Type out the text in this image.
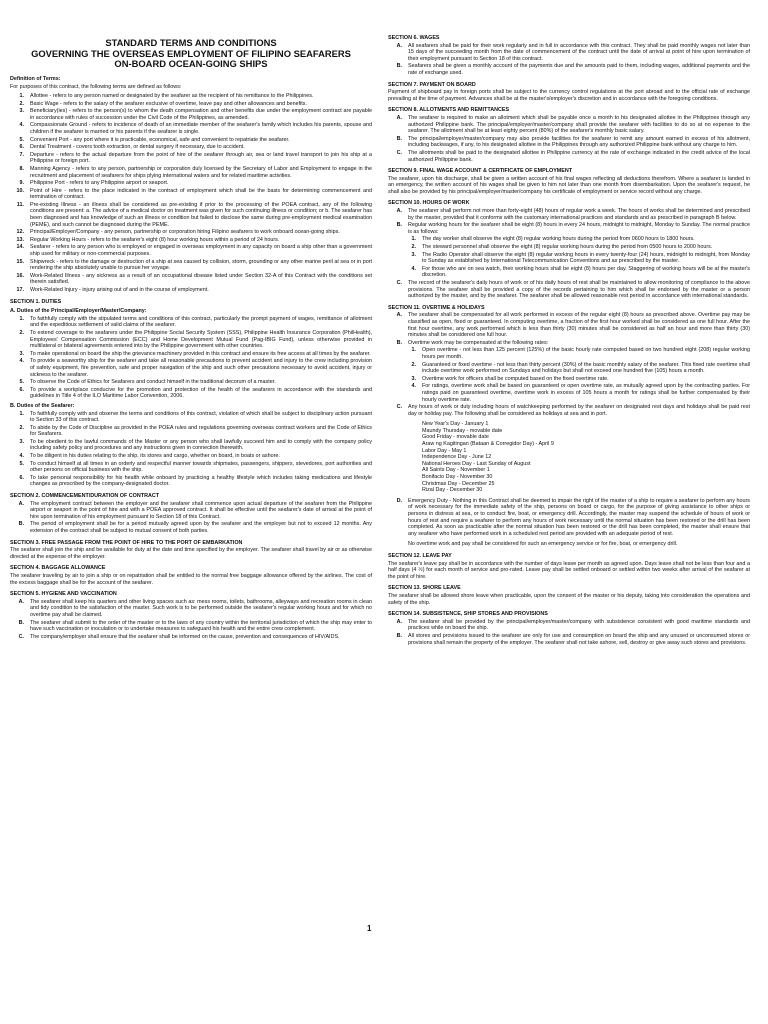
STANDARD TERMS AND CONDITIONS
GOVERNING THE OVERSEAS EMPLOYMENT OF FILIPINO SEAFARERS
ON-BOARD OCEAN-GOING SHIPS
Definition of Terms:
For purposes of this contract, the following terms are defined as follows:
1.	Allottee - refers to any person named or designated by the seafarer as the recipient of his remittance to the Philippines.
2.	Basic Wage - refers to the salary of the seafarer exclusive of overtime, leave pay and other allowances and benefits.
3.	Beneficiary(ies) - refers to the person(s) to whom the death compensation and other benefits due under the employment contract are payable in accordance with rules of succession under the Civil Code of the Philippines, as amended.
4.	Compassionate Ground - refers to incidence of death of an immediate member of the seafarer's family which includes his parents, spouse and children if the seafarer is married or his parents if the seafarer is single.
5.	Convenient Port - any port where it is practicable, economical, safe and convenient to repatriate the seafarer.
6.	Dental Treatment - covers tooth extraction, or dental surgery if necessary, due to accident.
7.	Departure - refers to the actual departure from the point of hire of the seafarer through air, sea or land travel transport to join his ship at a Philippine or foreign port.
8.	Manning Agency - refers to any person, partnership or corporation duly licensed by the Secretary of Labor and Employment to engage in the recruitment and placement of seafarers for ships plying international waters and for related maritime activities.
9.	Philippine Port - refers to any Philippine airport or seaport.
10.	Point of Hire - refers to the place indicated in the contract of employment which shall be the basis for determining commencement and termination of contract.
11.	Pre-existing Illness - an illness shall be considered as pre-existing if prior to the processing of the POEA contract, any of the following conditions are present: a. The advice of a medical doctor on treatment was given for such continuing illness or condition; or b. The seafarer has been diagnosed and has knowledge of such an illness or condition but failed to disclose the same during pre-employment medical examination (PEME), and such cannot be diagnosed during the PEME.
12.	Principal/Employer/Company - any person, partnership or corporation hiring Filipino seafarers to work onboard ocean-going ships.
13.	Regular Working Hours - refers to the seafarer's eight (8) hour working hours within a period of 24 hours.
14.	Seafarer - refers to any person who is employed or engaged in overseas employment in any capacity on board a ship other than a government ship used for military or non-commercial purposes.
15.	Shipwreck - refers to the damage or destruction of a ship at sea caused by collision, storm, grounding or any other marine peril at sea or in port rendering the ship absolutely unable to pursue her voyage.
16.	Work-Related Illness - any sickness as a result of an occupational disease listed under Section 32-A of this Contract with the conditions set therein satisfied.
17.	Work-Related Injury - injury arising out of and in the course of employment.
SECTION 1. DUTIES
A. Duties of the Principal/Employer/Master/Company:
1.	To faithfully comply with the stipulated terms and conditions of this contract, particularly the prompt payment of wages, remittance of allotment and the expeditious settlement of valid claims of the seafarer.
2.	To extend coverage to the seafarers under the Philippine Social Security System (SSS), Philippine Health Insurance Corporation (PhilHealth), Employees' Compensation Commission (ECC) and Home Development Mutual Fund (Pag-IBIG Fund), unless otherwise provided in multilateral or bilateral agreements entered into by the Philippine government with other countries.
3.	To make operational on board the ship the grievance machinery provided in this contract and ensure its free access at all times by the seafarer.
4.	To provide a seaworthy ship for the seafarer and take all reasonable precautions to prevent accident and injury to the crew including provision of safety equipment, fire prevention, safe and proper navigation of the ship and such other precautions necessary to avoid accident, injury or sickness to the seafarer.
5.	To observe the Code of Ethics for Seafarers and conduct himself in the traditional decorum of a master.
6.	To provide a workplace conducive for the promotion and protection of the health of the seafarers in accordance with the standards and guidelines in Title 4 of the ILO Maritime Labor Convention, 2006.
B. Duties of the Seafarer:
1.	To faithfully comply with and observe the terms and conditions of this contract, violation of which shall be subject to disciplinary action pursuant to Section 33 of this contract.
2.	To abide by the Code of Discipline as provided in the POEA rules and regulations governing overseas contract workers and the Code of Ethics for Seafarers.
3.	To be obedient to the lawful commands of the Master or any person who shall lawfully succeed him and to comply with the company policy including safety policy and procedures and any instructions given in connection therewith.
4.	To be diligent in his duties relating to the ship, its stores and cargo, whether on board, in boats or ashore.
5.	To conduct himself at all times in an orderly and respectful manner towards shipmates, passengers, shippers, stevedores, port authorities and other persons on official business with the ship.
6.	To take personal responsibility for his health while onboard by practicing a healthy lifestyle which includes taking medications and lifestyle changes as prescribed by the company-designated doctor.
SECTION 2. COMMENCEMENT/DURATION OF CONTRACT
A.	The employment contract between the employer and the seafarer shall commence upon actual departure of the seafarer from the Philippine airport or seaport in the point of hire and with a POEA approved contract. It shall be effective until the seafarer's date of arrival at the point of hire upon termination of his employment pursuant to Section 18 of this Contract.
B.	The period of employment shall be for a period mutually agreed upon by the seafarer and the employer but not to exceed 12 months. Any extension of the contract shall be subject to mutual consent of both parties.
SECTION 3. FREE PASSAGE FROM THE POINT OF HIRE TO THE PORT OF EMBARKATION
The seafarer shall join the ship and be available for duty at the date and time specified by the employer. The seafarer shall travel by air or as otherwise directed at the expense of the employer.
SECTION 4. BAGGAGE ALLOWANCE
The seafarer traveling by air to join a ship or on repatriation shall be entitled to the normal free baggage allowance offered by the airlines. The cost of the excess baggage shall be for the account of the seafarer.
SECTION 5. HYGIENE AND VACCINATION
A.	The seafarer shall keep his quarters and other living spaces such as: mess rooms, toilets, bathrooms, alleyways and recreation rooms in clean and tidy condition to the satisfaction of the master. Such work is to be performed outside the seafarer's regular working hours and for which no overtime pay shall be claimed.
B.	The seafarer shall submit to the order of the master or to the laws of any country within the territorial jurisdiction of which the ship may enter to have such vaccination or inoculation or to undertake measures to safeguard his health and the entire crew complement.
C.	The company/employer shall ensure that the seafarer shall be informed on the cause, prevention and consequences of HIV/AIDS.
SECTION 6. WAGES
A.	All seafarers shall be paid for their work regularly and in full in accordance with this contract. They shall be paid monthly wages not later than 15 days of the succeeding month from the date of commencement of the contract until the date of arrival at point of hire upon termination of their employment pursuant to Section 18 of this contract.
B.	Seafarers shall be given a monthly account of the payments due and the amounts paid to them, including wages, additional payments and the rate of exchange used.
SECTION 7. PAYMENT ON BOARD
Payment of shipboard pay in foreign ports shall be subject to the currency control regulations at the port abroad and to the official rate of exchange prevailing at the time of payment. Advances shall be at the master's/employer's discretion and in accordance with the foregoing conditions.
SECTION 8. ALLOTMENTS AND REMITTANCES
A.	The seafarer is required to make an allotment which shall be payable once a month to his designated allottee in the Philippines through any authorized Philippine bank. The principal/employer/master/company shall provide the seafarer with facilities to do so at no expense to the seafarer. The allotment shall be at least eighty percent (80%) of the seafarer's monthly basic salary.
B.	The principal/employer/master/company may also provide facilities for the seafarer to remit any amount earned in excess of his allotment, including backwages, if any, to his designated allottee in the Philippines through any authorized Philippine bank without any charge to him.
C.	The allotments shall be paid to the designated allottee in Philippine currency at the rate of exchange indicated in the credit advice of the local authorized Philippine bank.
SECTION 9. FINAL WAGE ACCOUNT & CERTIFICATE OF EMPLOYMENT
The seafarer, upon his discharge, shall be given a written account of his final wages reflecting all deductions therefrom. Where a seafarer is landed in an emergency, the written account of his wages shall be given to him not later than one month from disembarkation. Upon the seafarer's request, he shall also be provided by his principal/employer/master/company his certificate of employment or service record without any charge.
SECTION 10. HOURS OF WORK
A.	The seafarer shall perform not more than forty-eight (48) hours of regular work a week. The hours of works shall be determined and prescribed by the master, provided that it conforms with the customary international practices and standards and as prescribed in paragraph B below.
B.	Regular working hours for the seafarer shall be eight (8) hours in every 24 hours, midnight to midnight, Monday to Sunday. The normal practice is as follows:
1.	The day worker shall observe the eight (8) regular working hours during the period from 0600 hours to 1800 hours.
2.	The steward personnel shall observe the eight (8) regular working hours during the period from 0500 hours to 2000 hours.
3.	The Radio Operator shall observe the eight (8) regular working hours in every twenty-four (24) hours, midnight to midnight, from Monday to Sunday as established by International Telecommunication Conventions and as prescribed by the master.
4.	For those who are on sea watch, their working hours shall be eight (8) hours per day. Staggering of working hours will be at the master's discretion.
C.	The record of the seafarer's daily hours of work or of his daily hours of rest shall be maintained to allow monitoring of compliance to the above provisions. The seafarer shall be provided a copy of the records pertaining to him which shall be endorsed by the master or a person authorized by the master, and by the seafarer. The seafarer shall be allowed reasonable rest period in accordance with international standards.
SECTION 11. OVERTIME & HOLIDAYS
A.	The seafarer shall be compensated for all work performed in excess of the regular eight (8) hours as prescribed above. Overtime pay may be classified as open, fixed or guaranteed. In computing overtime, a fraction of the first hour worked shall be considered as one full hour. After the first hour overtime, any work performed which is less than thirty (30) minutes shall be considered as half an hour and more than thirty (30) minutes shall be considered one full hour.
B.	Overtime work may be compensated at the following rates:
1.	Open overtime - not less than 125 percent (125%) of the basic hourly rate computed based on two hundred eight (208) regular working hours per month.
2.	Guaranteed or fixed overtime - not less than thirty percent (30%) of the basic monthly salary of the seafarer. This fixed rate overtime shall include overtime work performed on Sundays and holidays but shall not exceed one hundred five (105) hours a month.
3.	Overtime work for officers shall be computed based on the fixed overtime rate.
4.	For ratings, overtime work shall be based on guaranteed or open overtime rate, as mutually agreed upon by the contracting parties. For ratings paid on guaranteed overtime, overtime work in excess of 105 hours a month for ratings shall be further compensated by their hourly overtime rate.
C.	Any hours of work or duty including hours of watchkeeping performed by the seafarer on designated rest days and holidays shall be paid rest day or holiday pay. The following shall be considered as holidays at sea and in port.
New Year's Day - January 1
Maundy Thursday - movable date
Good Friday - movable date
Araw ng Kagitingan (Bataan & Corregidor Day) - April 9
Labor Day - May 1
Independence Day - June 12
National Heroes Day - Last Sunday of August
All Saints Day - November 1
Bonifacio Day - November 30
Christmas Day - December 25
Rizal Day - December 30
D.	Emergency Duty - Nothing in this Contract shall be deemed to impair the right of the master of a ship to require a seafarer to perform any hours of work necessary for the immediate safety of the ship, persons on board or cargo, for the purpose of giving assistance to other ships or persons in distress at sea, or to conduct fire, boat, or emergency drill. Accordingly, the master may suspend the schedule of hours of work or hours of rest and require a seafarer to perform any hours of work necessary until the normal situation has been restored or the drill has been completed. As soon as practicable after the normal situation has been restored or the drill has been completed, the master shall ensure that any seafarer who have performed work in a scheduled rest period are provided with an adequate period of rest.
No overtime work and pay shall be considered for such an emergency service or for fire, boat, or emergency drill.
SECTION 12. LEAVE PAY
The seafarer's leave pay shall be in accordance with the number of days leave per month as agreed upon. Days leave shall not be less than four and a half days (4 ½) for each month of service and pro-rated. Leave pay shall be settled onboard or settled within two weeks after arrival of the seafarer at the point of hire.
SECTION 13. SHORE LEAVE
The seafarer shall be allowed shore leave when practicable, upon the consent of the master or his deputy, taking into consideration the operations and safety of the ship.
SECTION 14. SUBSISTENCE, SHIP STORES AND PROVISIONS
A.	The seafarer shall be provided by the principal/employer/master/company with subsistence consistent with good maritime standards and practices while on board the ship.
B.	All stores and provisions issued to the seafarer are only for use and consumption on board the ship and any unused or unconsumed stores or provisions shall remain the property of the employer. The seafarer shall not take ashore, sell, destroy or give away such stores and provisions.
1
